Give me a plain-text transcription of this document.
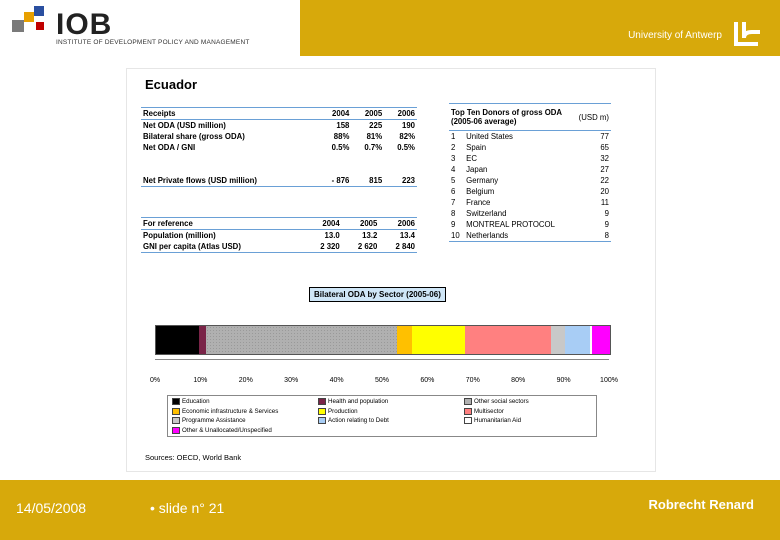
IOB
INSTITUTE OF DEVELOPMENT POLICY AND MANAGEMENT
University of Antwerp
Ecuador
Receipts	2004	2005	2006
Net ODA (USD million)	158	225	190
Bilateral share (gross ODA)	88%	81%	82%
Net ODA / GNI	0.5%	0.7%	0.5%

Net Private flows (USD million)	- 876	815	223
For reference	2004	2005	2006
Population (million)	13.0	13.2	13.4
GNI per capita (Atlas USD)	2 320	2 620	2 840
Top Ten Donors of gross ODA (2005-06 average)		(USD m)
1	United States	77
2	Spain	65
3	EC	32
4	Japan	27
5	Germany	22
6	Belgium	20
7	France	11
8	Switzerland	9
9	MONTREAL PROTOCOL	9
10	Netherlands	8
Bilateral ODA by Sector (2005-06)
0%	10%	20%	30%	40%	50%	60%	70%	80%	90%	100%
Education
Economic infrastructure & Services
Programme Assistance
Other & Unallocated/Unspecified
Health and population
Production
Action relating to Debt
Other social sectors
Multisector
Humanitarian Aid
Sources: OECD, World Bank
14/05/2008	• slide n° 21	Robrecht Renard
